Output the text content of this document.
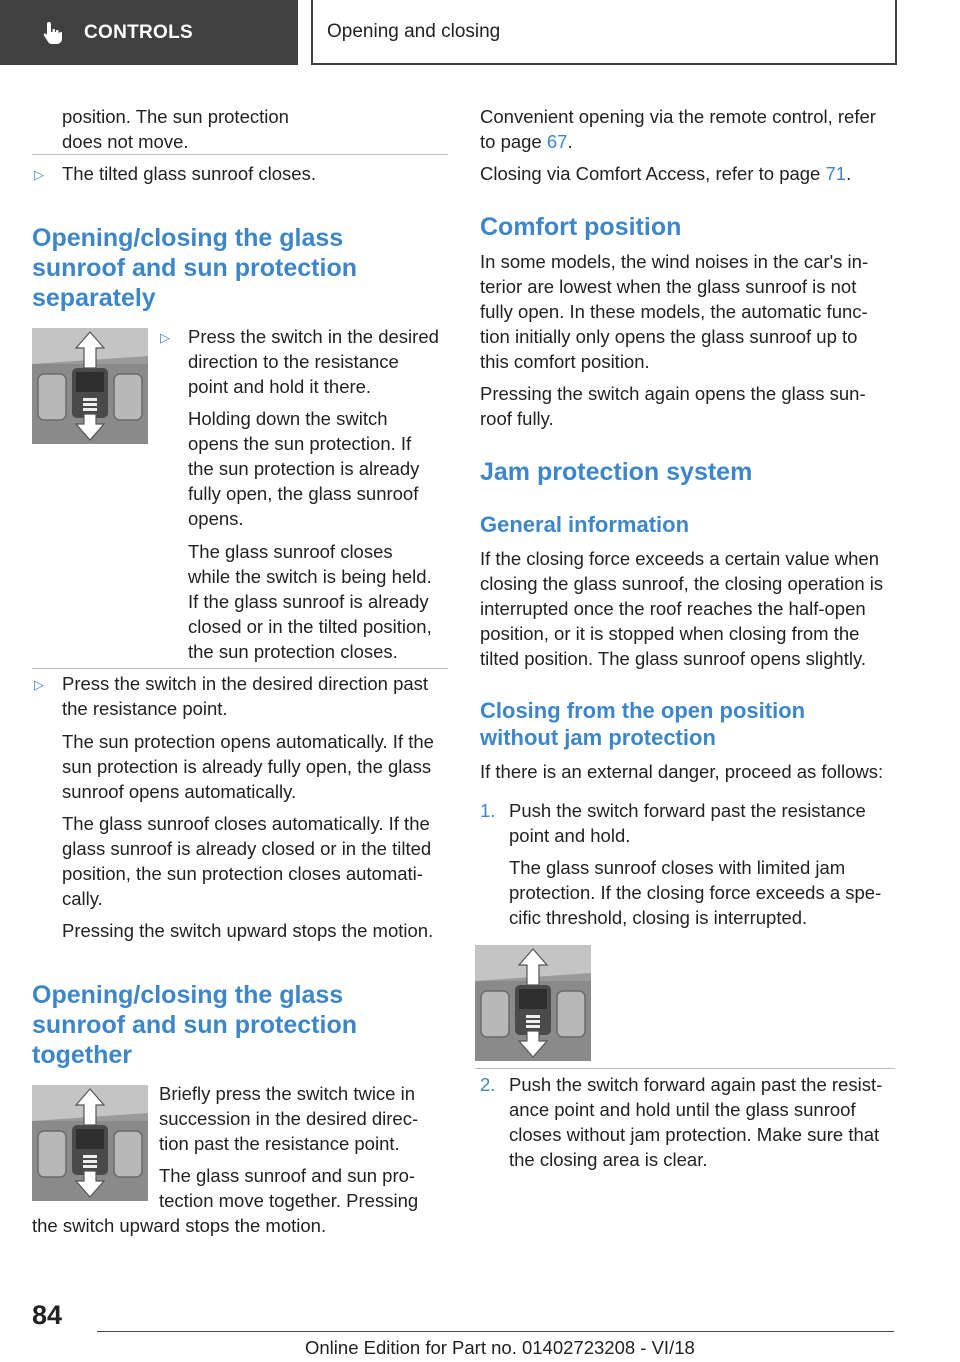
CONTROLS	Opening and closing
position. The sun protection
does not move.
▷ The tilted glass sunroof closes.
Opening/closing the glass
sunroof and sun protection
separately
▷ Press the switch in the desired
direction to the resistance
point and hold it there.
Holding down the switch
opens the sun protection. If
the sun protection is already
fully open, the glass sunroof
opens.
The glass sunroof closes
while the switch is being held.
If the glass sunroof is already
closed or in the tilted position,
the sun protection closes.
▷ Press the switch in the desired direction past
the resistance point.
The sun protection opens automatically. If the
sun protection is already fully open, the glass
sunroof opens automatically.
The glass sunroof closes automatically. If the
glass sunroof is already closed or in the tilted
position, the sun protection closes automati-
cally.
Pressing the switch upward stops the motion.
Opening/closing the glass
sunroof and sun protection
together
Briefly press the switch twice in
succession in the desired direc-
tion past the resistance point.
The glass sunroof and sun pro-
tection move together. Pressing
the switch upward stops the motion.
Convenient opening via the remote control, refer
to page 67.
Closing via Comfort Access, refer to page 71.
Comfort position
In some models, the wind noises in the car's in-
terior are lowest when the glass sunroof is not
fully open. In these models, the automatic func-
tion initially only opens the glass sunroof up to
this comfort position.
Pressing the switch again opens the glass sun-
roof fully.
Jam protection system
General information
If the closing force exceeds a certain value when
closing the glass sunroof, the closing operation is
interrupted once the roof reaches the half-open
position, or it is stopped when closing from the
tilted position. The glass sunroof opens slightly.
Closing from the open position
without jam protection
If there is an external danger, proceed as follows:
1. Push the switch forward past the resistance
point and hold.
The glass sunroof closes with limited jam
protection. If the closing force exceeds a spe-
cific threshold, closing is interrupted.
2. Push the switch forward again past the resist-
ance point and hold until the glass sunroof
closes without jam protection. Make sure that
the closing area is clear.
84
Online Edition for Part no. 01402723208 - VI/18
